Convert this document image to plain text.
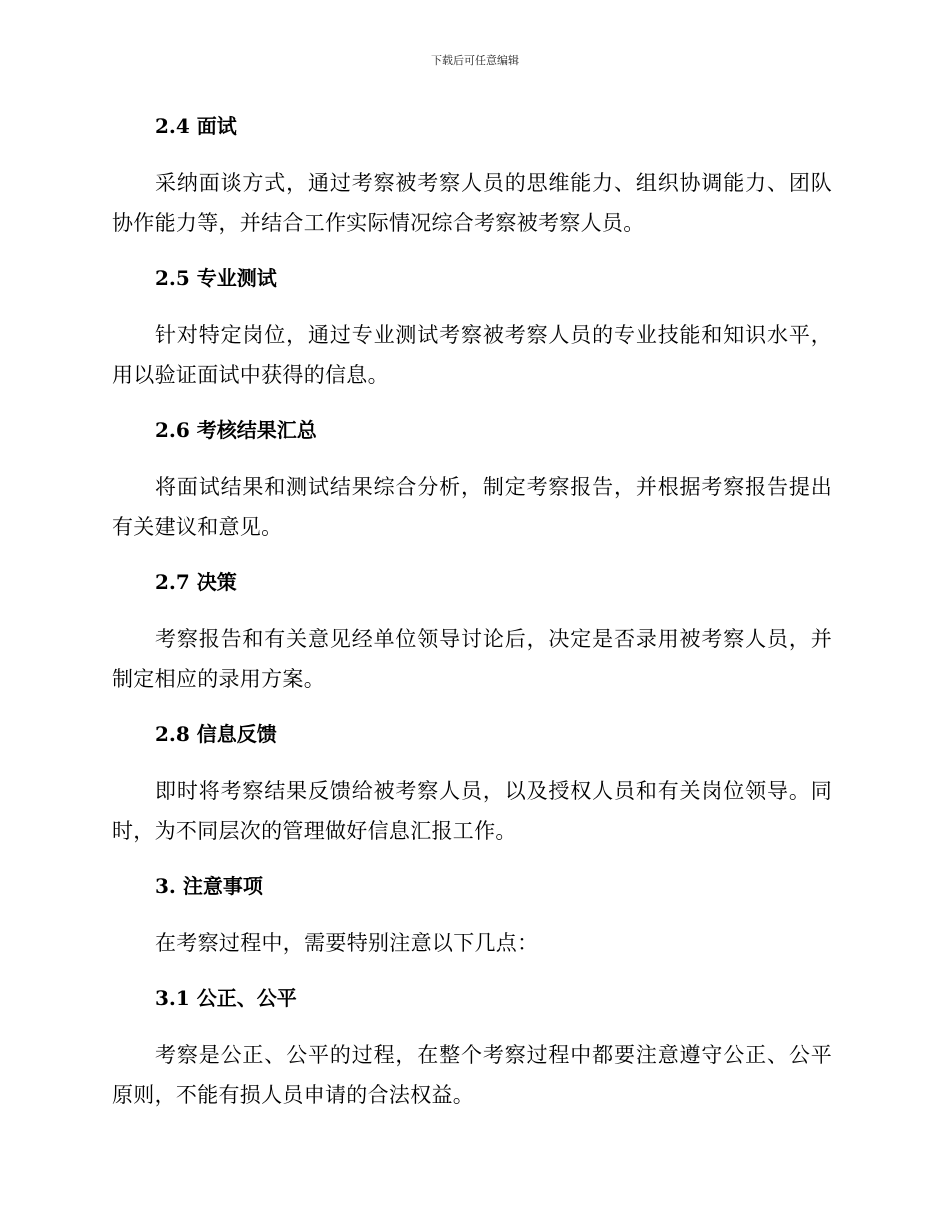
下载后可任意编辑
2.4 面试

采纳面谈方式，通过考察被考察人员的思维能力、组织协调能力、团队协作能力等，并结合工作实际情况综合考察被考察人员。

2.5 专业测试

针对特定岗位，通过专业测试考察被考察人员的专业技能和知识水平，用以验证面试中获得的信息。

2.6 考核结果汇总

将面试结果和测试结果综合分析，制定考察报告，并根据考察报告提出有关建议和意见。

2.7 决策

考察报告和有关意见经单位领导讨论后，决定是否录用被考察人员，并制定相应的录用方案。

2.8 信息反馈

即时将考察结果反馈给被考察人员，以及授权人员和有关岗位领导。同时，为不同层次的管理做好信息汇报工作。

3. 注意事项

在考察过程中，需要特别注意以下几点：

3.1 公正、公平

考察是公正、公平的过程，在整个考察过程中都要注意遵守公正、公平原则，不能有损人员申请的合法权益。
